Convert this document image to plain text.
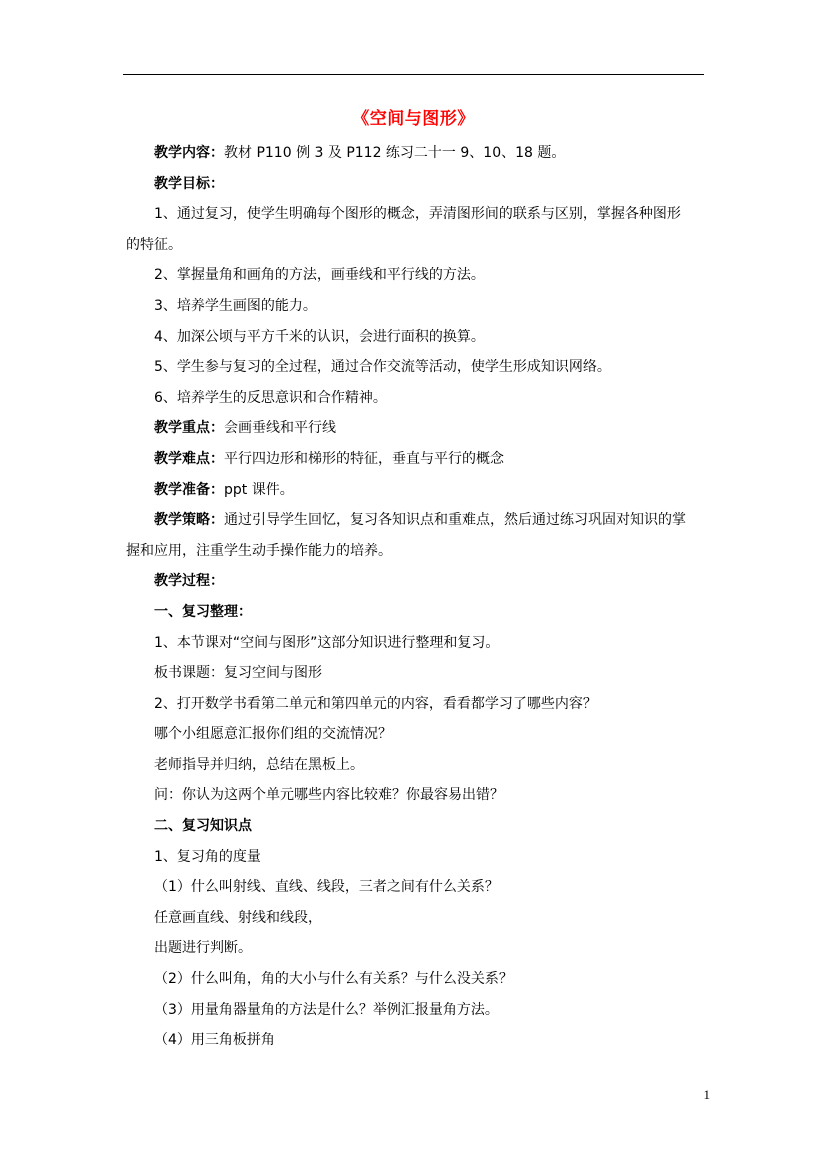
《空间与图形》
教学内容：教材 P110 例 3 及 P112 练习二十一 9、10、18 题。
教学目标：
1、通过复习，使学生明确每个图形的概念，弄清图形间的联系与区别，掌握各种图形
的特征。
2、掌握量角和画角的方法，画垂线和平行线的方法。
3、培养学生画图的能力。
4、加深公顷与平方千米的认识，会进行面积的换算。
5、学生参与复习的全过程，通过合作交流等活动，使学生形成知识网络。
6、培养学生的反思意识和合作精神。
教学重点：会画垂线和平行线
教学难点：平行四边形和梯形的特征，垂直与平行的概念
教学准备：ppt 课件。
教学策略：通过引导学生回忆，复习各知识点和重难点，然后通过练习巩固对知识的掌
握和应用，注重学生动手操作能力的培养。
教学过程：
一、复习整理：
1、本节课对“空间与图形”这部分知识进行整理和复习。
板书课题：复习空间与图形
2、打开数学书看第二单元和第四单元的内容，看看都学习了哪些内容？
哪个小组愿意汇报你们组的交流情况？
老师指导并归纳，总结在黑板上。
问：你认为这两个单元哪些内容比较难？你最容易出错？
二、复习知识点
1、复习角的度量
（1）什么叫射线、直线、线段，三者之间有什么关系？
任意画直线、射线和线段，
出题进行判断。
（2）什么叫角，角的大小与什么有关系？与什么没关系？
（3）用量角器量角的方法是什么？举例汇报量角方法。
（4）用三角板拼角
1
